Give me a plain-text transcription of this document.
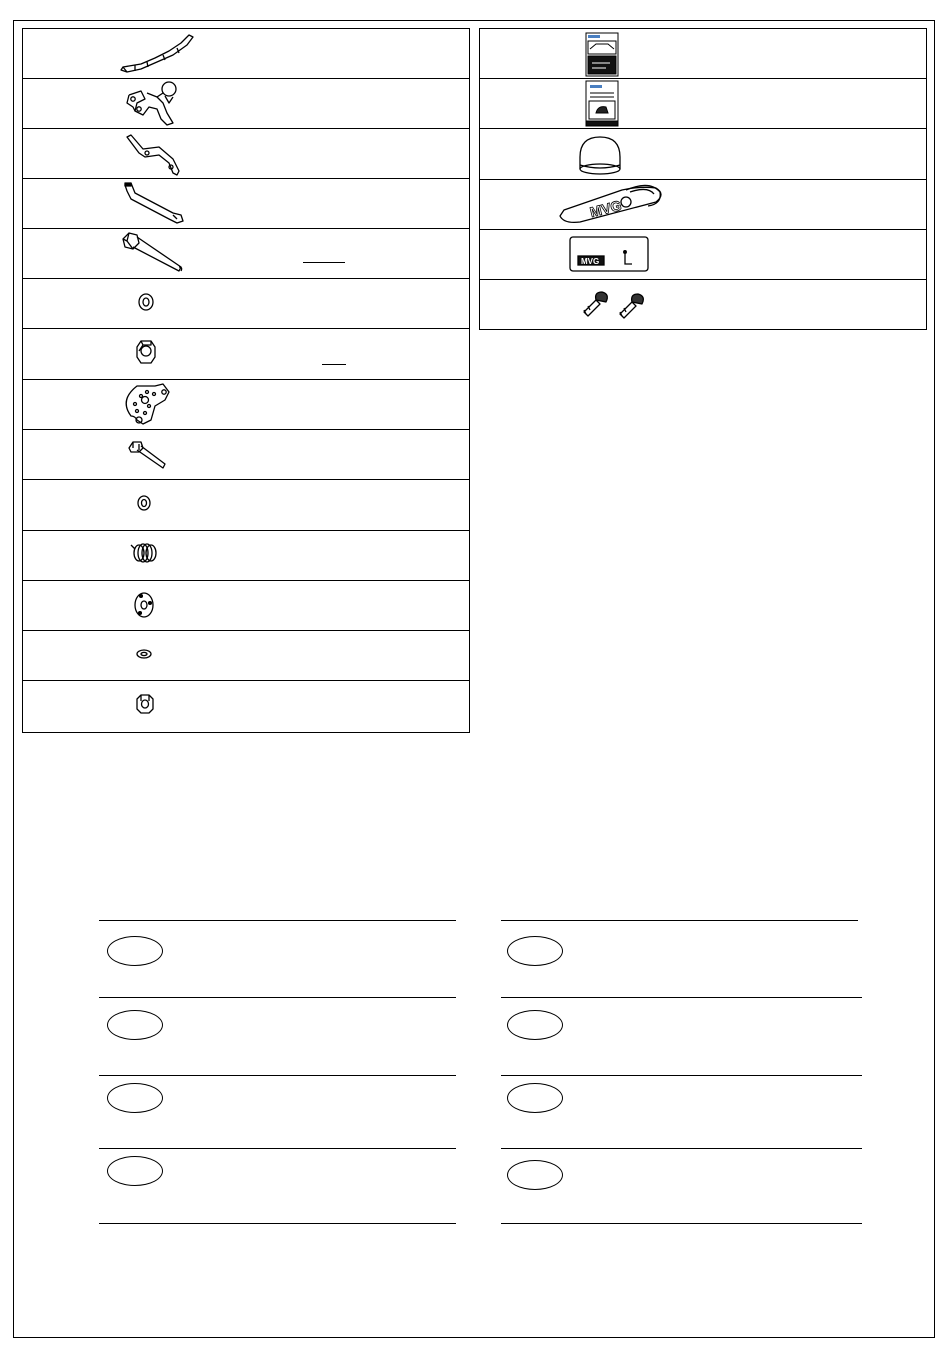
MVG
MVG
